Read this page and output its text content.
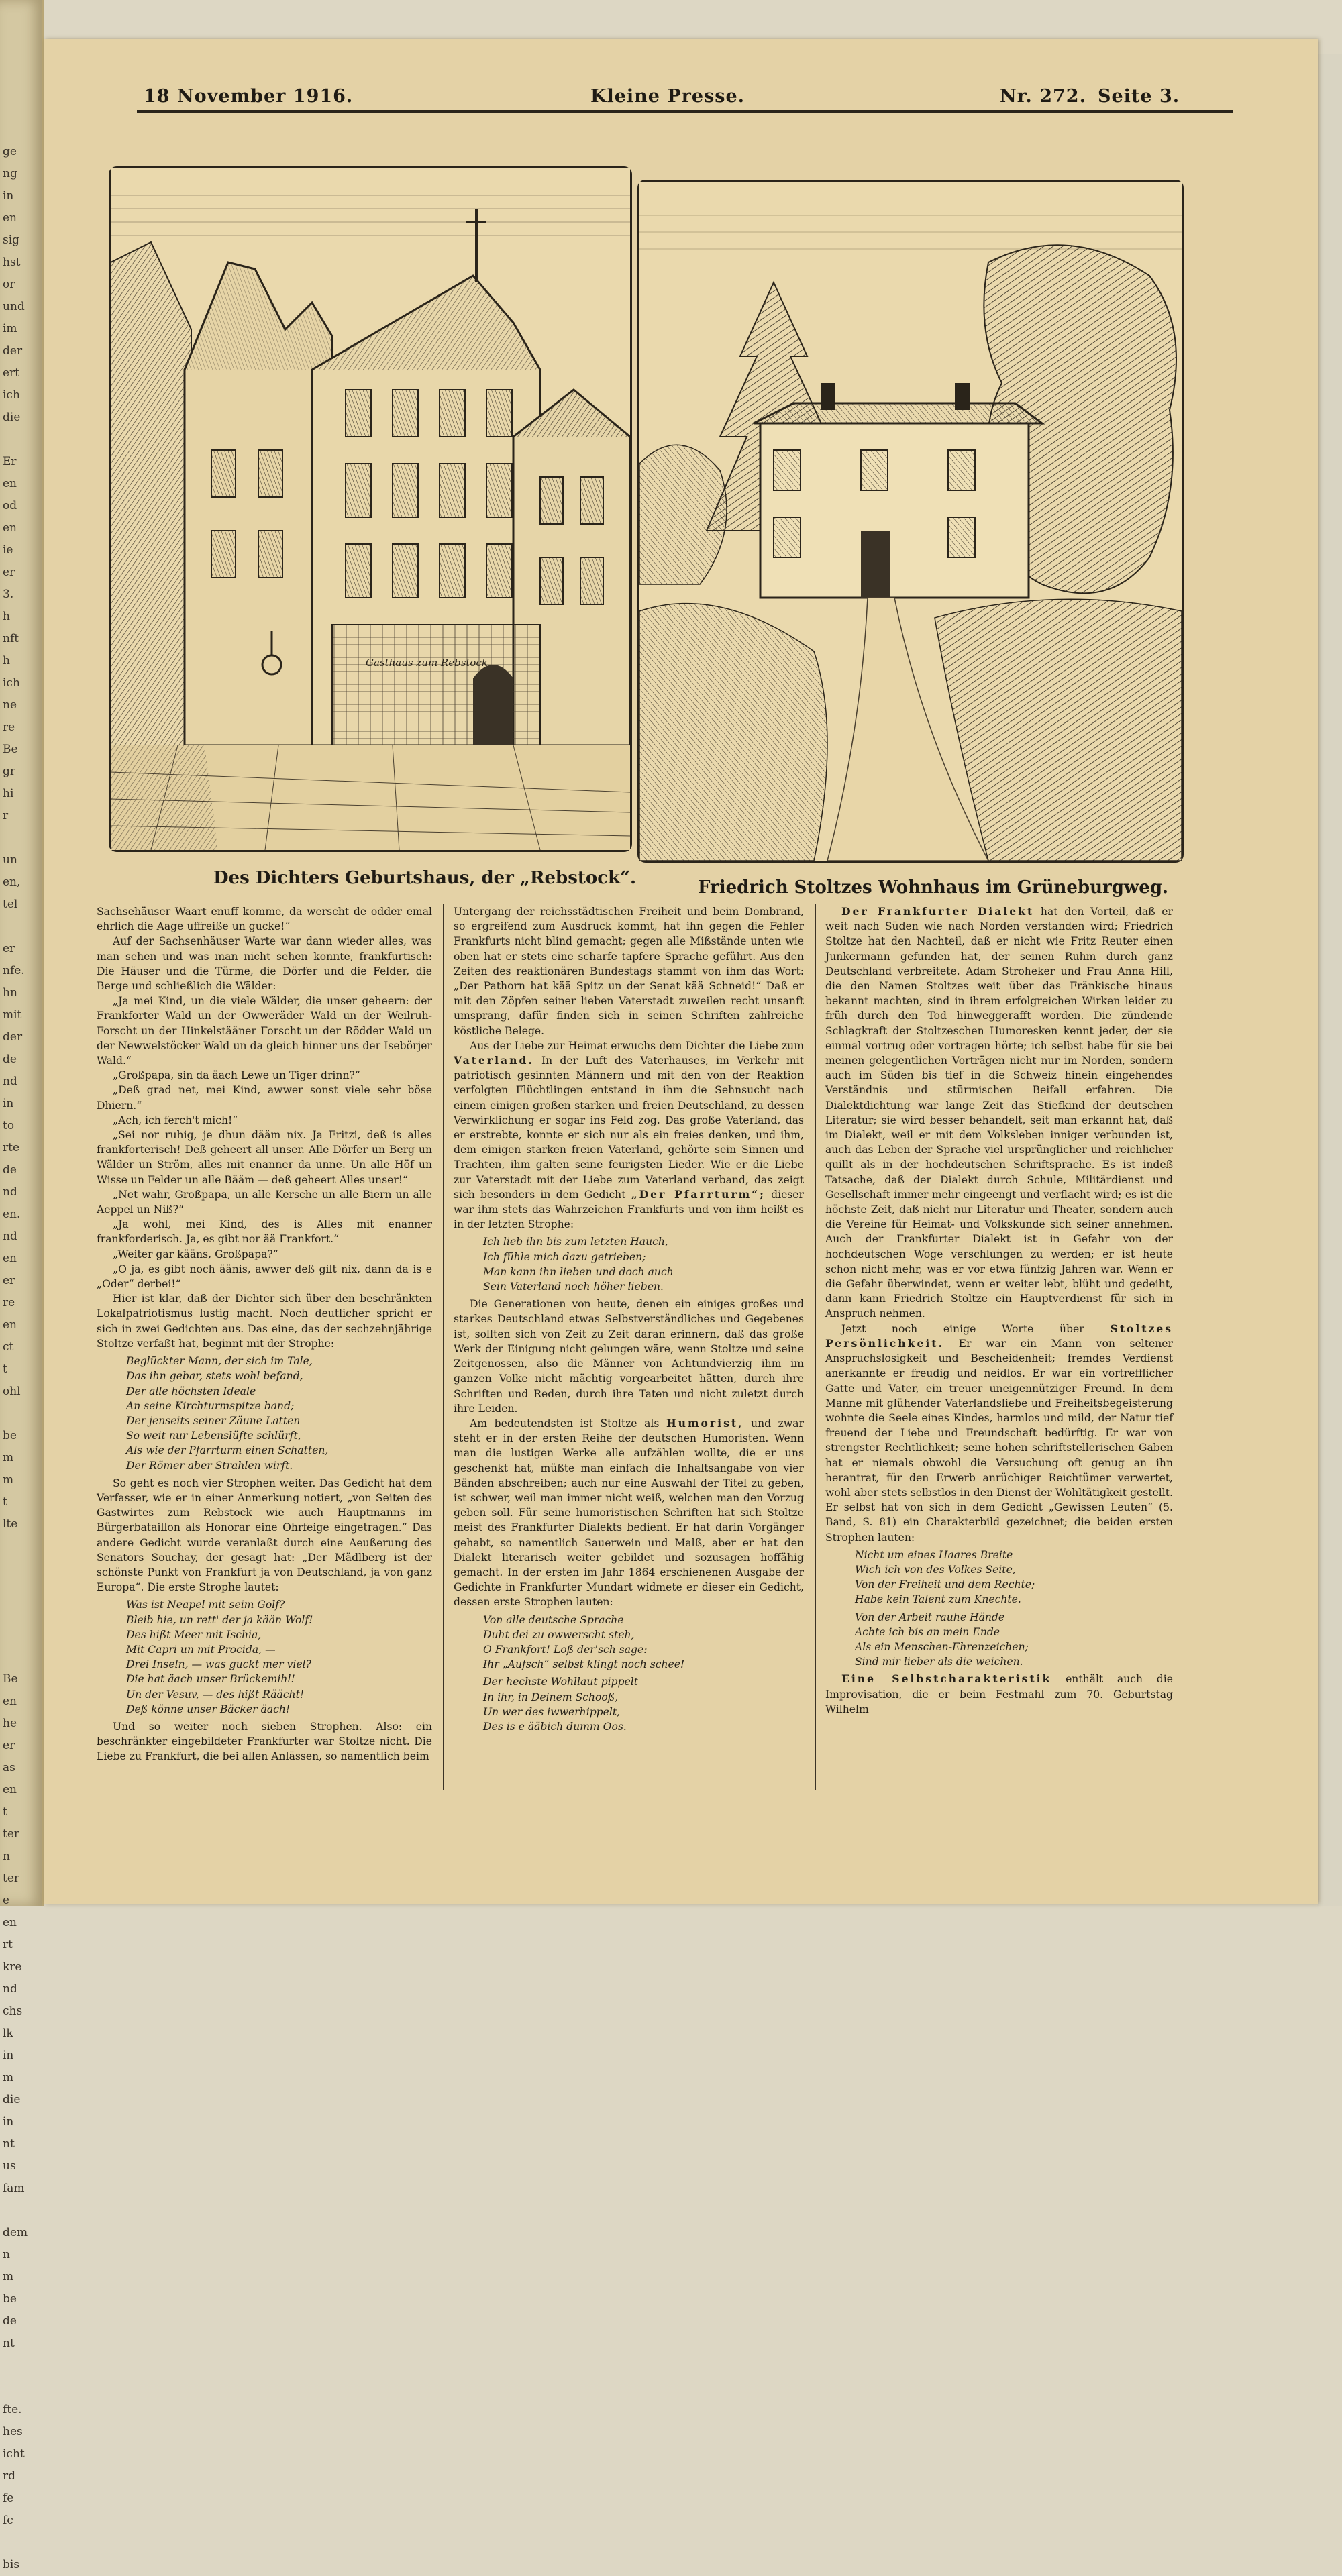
ge
ng
in
en
sig
hst
or
und
im
der
ert
ich
die

Er
en
od
en
ie
er
3.
h
nft
h
ich
ne
re
Be
gr
hi
r

un
en,
tel

er
nfe.
hn
mit
der
de
nd
in
to
rte
de
nd
en.
nd
en
er
re
en
ct
t
ohl

be
m
m
t
lte

Be
en
he
er
as
en
t
ter
n
ter
e
en
rt
kre
nd
chs
lk
in
m
die
in
nt
us
fam

dem
n
m
be
de
nt

fte.
hes
icht
rd
fe
fc

bis
18 November 1916.	Kleine Presse.	Nr. 272. Seite 3.
Gasthaus zum Rebstock
Des Dichters Geburtshaus, der „Rebstock“.	Friedrich Stoltzes Wohnhaus im Grüneburgweg.

Sachsehäuser Waart enuff komme, da werscht de odder emal ehrlich die Aage uffreiße un gucke!“

Auf der Sachsenhäuser Warte war dann wieder alles, was man sehen und was man nicht sehen konnte, frankfurtisch: Die Häuser und die Türme, die Dörfer und die Felder, die Berge und schließlich die Wälder:

„Ja mei Kind, un die viele Wälder, die unser geheern: der Frankforter Wald un der Owweräder Wald un der Weilruh-Forscht un der Hinkelstääner Forscht un der Rödder Wald un der Newwelstöcker Wald un da gleich hinner uns der Isebörjer Wald.“

„Großpapa, sin da äach Lewe un Tiger drinn?“

„Deß grad net, mei Kind, awwer sonst viele sehr böse Dhiern.“

„Ach, ich ferch't mich!“

„Sei nor ruhig, je dhun dääm nix. Ja Fritzi, deß is alles frankforterisch! Deß geheert all unser. Alle Dörfer un Berg un Wälder un Ström, alles mit enanner da unne. Un alle Höf un Wisse un Felder un alle Bääm — deß geheert Alles unser!“

„Net wahr, Großpapa, un alle Kersche un alle Biern un alle Aeppel un Niß?“

„Ja wohl, mei Kind, des is Alles mit enanner frankforderisch. Ja, es gibt nor ää Frankfort.“

„Weiter gar kääns, Großpapa?“

„O ja, es gibt noch äänis, awwer deß gilt nix, dann da is e „Oder“ derbei!“

Hier ist klar, daß der Dichter sich über den beschränkten Lokalpatriotismus lustig macht. Noch deutlicher spricht er sich in zwei Gedichten aus. Das eine, das der sechzehnjährige Stoltze verfaßt hat, beginnt mit der Strophe:

Beglückter Mann, der sich im Tale,
Das ihn gebar, stets wohl befand,
Der alle höchsten Ideale
An seine Kirchturmspitze band;
Der jenseits seiner Zäune Latten
So weit nur Lebenslüfte schlürft,
Als wie der Pfarrturm einen Schatten,
Der Römer aber Strahlen wirft.

So geht es noch vier Strophen weiter. Das Gedicht hat dem Verfasser, wie er in einer Anmerkung notiert, „von Seiten des Gastwirtes zum Rebstock wie auch Hauptmanns im Bürgerbataillon als Honorar eine Ohrfeige eingetragen.“ Das andere Gedicht wurde veranlaßt durch eine Aeußerung des Senators Souchay, der gesagt hat: „Der Mädlberg ist der schönste Punkt von Frankfurt ja von Deutschland, ja von ganz Europa“. Die erste Strophe lautet:

Was ist Neapel mit seim Golf?
Bleib hie, un rett' der ja kään Wolf!
Des hißt Meer mit Ischia,
Mit Capri un mit Procida, —
Drei Inseln, — was guckt mer viel?
Die hat äach unser Brückemihl!
Un der Vesuv, — des hißt Räächt!
Deß könne unser Bäcker äach!

Und so weiter noch sieben Strophen. Also: ein beschränkter eingebildeter Frankfurter war Stoltze nicht. Die Liebe zu Frankfurt, die bei allen Anlässen, so namentlich beim

Untergang der reichsstädtischen Freiheit und beim Dombrand, so ergreifend zum Ausdruck kommt, hat ihn gegen die Fehler Frankfurts nicht blind gemacht; gegen alle Mißstände unten wie oben hat er stets eine scharfe tapfere Sprache geführt. Aus den Zeiten des reaktionären Bundestags stammt von ihm das Wort: „Der Pathorn hat kää Spitz un der Senat kää Schneid!“ Daß er mit den Zöpfen seiner lieben Vaterstadt zuweilen recht unsanft umsprang, dafür finden sich in seinen Schriften zahlreiche köstliche Belege.

Aus der Liebe zur Heimat erwuchs dem Dichter die Liebe zum Vaterland. In der Luft des Vaterhauses, im Verkehr mit patriotisch gesinnten Männern und mit den von der Reaktion verfolgten Flüchtlingen entstand in ihm die Sehnsucht nach einem einigen großen starken und freien Deutschland, zu dessen Verwirklichung er sogar ins Feld zog. Das große Vaterland, das er erstrebte, konnte er sich nur als ein freies denken, und ihm, dem einigen starken freien Vaterland, gehörte sein Sinnen und Trachten, ihm galten seine feurigsten Lieder. Wie er die Liebe zur Vaterstadt mit der Liebe zum Vaterland verband, das zeigt sich besonders in dem Gedicht „Der Pfarrturm“; dieser war ihm stets das Wahrzeichen Frankfurts und von ihm heißt es in der letzten Strophe:

Ich lieb ihn bis zum letzten Hauch,
Ich fühle mich dazu getrieben;
Man kann ihn lieben und doch auch
Sein Vaterland noch höher lieben.

Die Generationen von heute, denen ein einiges großes und starkes Deutschland etwas Selbstverständliches und Gegebenes ist, sollten sich von Zeit zu Zeit daran erinnern, daß das große Werk der Einigung nicht gelungen wäre, wenn Stoltze und seine Zeitgenossen, also die Männer von Achtundvierzig ihm im ganzen Volke nicht mächtig vorgearbeitet hätten, durch ihre Schriften und Reden, durch ihre Taten und nicht zuletzt durch ihre Leiden.

Am bedeutendsten ist Stoltze als Humorist, und zwar steht er in der ersten Reihe der deutschen Humoristen. Wenn man die lustigen Werke alle aufzählen wollte, die er uns geschenkt hat, müßte man einfach die Inhaltsangabe von vier Bänden abschreiben; auch nur eine Auswahl der Titel zu geben, ist schwer, weil man immer nicht weiß, welchen man den Vorzug geben soll. Für seine humoristischen Schriften hat sich Stoltze meist des Frankfurter Dialekts bedient. Er hat darin Vorgänger gehabt, so namentlich Sauerwein und Malß, aber er hat den Dialekt literarisch weiter gebildet und sozusagen hoffähig gemacht. In der ersten im Jahr 1864 erschienenen Ausgabe der Gedichte in Frankfurter Mundart widmete er dieser ein Gedicht, dessen erste Strophen lauten:

Von alle deutsche Sprache
Duht dei zu owwerscht steh,
O Frankfort! Loß der'sch sage:
Ihr „Aufsch“ selbst klingt noch schee!
Der hechste Wohllaut pippelt
In ihr, in Deinem Schooß,
Un wer des iwwerhippelt,
Des is e ääbich dumm Oos.

Der Frankfurter Dialekt hat den Vorteil, daß er weit nach Süden wie nach Norden verstanden wird; Friedrich Stoltze hat den Nachteil, daß er nicht wie Fritz Reuter einen Junkermann gefunden hat, der seinen Ruhm durch ganz Deutschland verbreitete. Adam Stroheker und Frau Anna Hill, die den Namen Stoltzes weit über das Fränkische hinaus bekannt machten, sind in ihrem erfolgreichen Wirken leider zu früh durch den Tod hinweggerafft worden. Die zündende Schlagkraft der Stoltzeschen Humoresken kennt jeder, der sie einmal vortrug oder vortragen hörte; ich selbst habe für sie bei meinen gelegentlichen Vorträgen nicht nur im Norden, sondern auch im Süden bis tief in die Schweiz hinein eingehendes Verständnis und stürmischen Beifall erfahren. Die Dialektdichtung war lange Zeit das Stiefkind der deutschen Literatur; sie wird besser behandelt, seit man erkannt hat, daß im Dialekt, weil er mit dem Volksleben inniger verbunden ist, auch das Leben der Sprache viel ursprünglicher und reichlicher quillt als in der hochdeutschen Schriftsprache. Es ist indeß Tatsache, daß der Dialekt durch Schule, Militärdienst und Gesellschaft immer mehr eingeengt und verflacht wird; es ist die höchste Zeit, daß nicht nur Literatur und Theater, sondern auch die Vereine für Heimat- und Volkskunde sich seiner annehmen. Auch der Frankfurter Dialekt ist in Gefahr von der hochdeutschen Woge verschlungen zu werden; er ist heute schon nicht mehr, was er vor etwa fünfzig Jahren war. Wenn er die Gefahr überwindet, wenn er weiter lebt, blüht und gedeiht, dann kann Friedrich Stoltze ein Hauptverdienst für sich in Anspruch nehmen.

Jetzt noch einige Worte über Stoltzes Persönlichkeit. Er war ein Mann von seltener Anspruchslosigkeit und Bescheidenheit; fremdes Verdienst anerkannte er freudig und neidlos. Er war ein vortrefflicher Gatte und Vater, ein treuer uneigennütziger Freund. In dem Manne mit glühender Vaterlandsliebe und Freiheitsbegeisterung wohnte die Seele eines Kindes, harmlos und mild, der Natur tief freuend der Liebe und Freundschaft bedürftig. Er war von strengster Rechtlichkeit; seine hohen schriftstellerischen Gaben hat er niemals obwohl die Versuchung oft genug an ihn herantrat, für den Erwerb anrüchiger Reichtümer verwertet, wohl aber stets selbstlos in den Dienst der Wohltätigkeit gestellt. Er selbst hat von sich in dem Gedicht „Gewissen Leuten“ (5. Band, S. 81) ein Charakterbild gezeichnet; die beiden ersten Strophen lauten:

Nicht um eines Haares Breite
Wich ich von des Volkes Seite,
Von der Freiheit und dem Rechte;
Habe kein Talent zum Knechte.
Von der Arbeit rauhe Hände
Achte ich bis an mein Ende
Als ein Menschen-Ehrenzeichen;
Sind mir lieber als die weichen.

Eine Selbstcharakteristik enthält auch die Improvisation, die er beim Festmahl zum 70. Geburtstag Wilhelm
